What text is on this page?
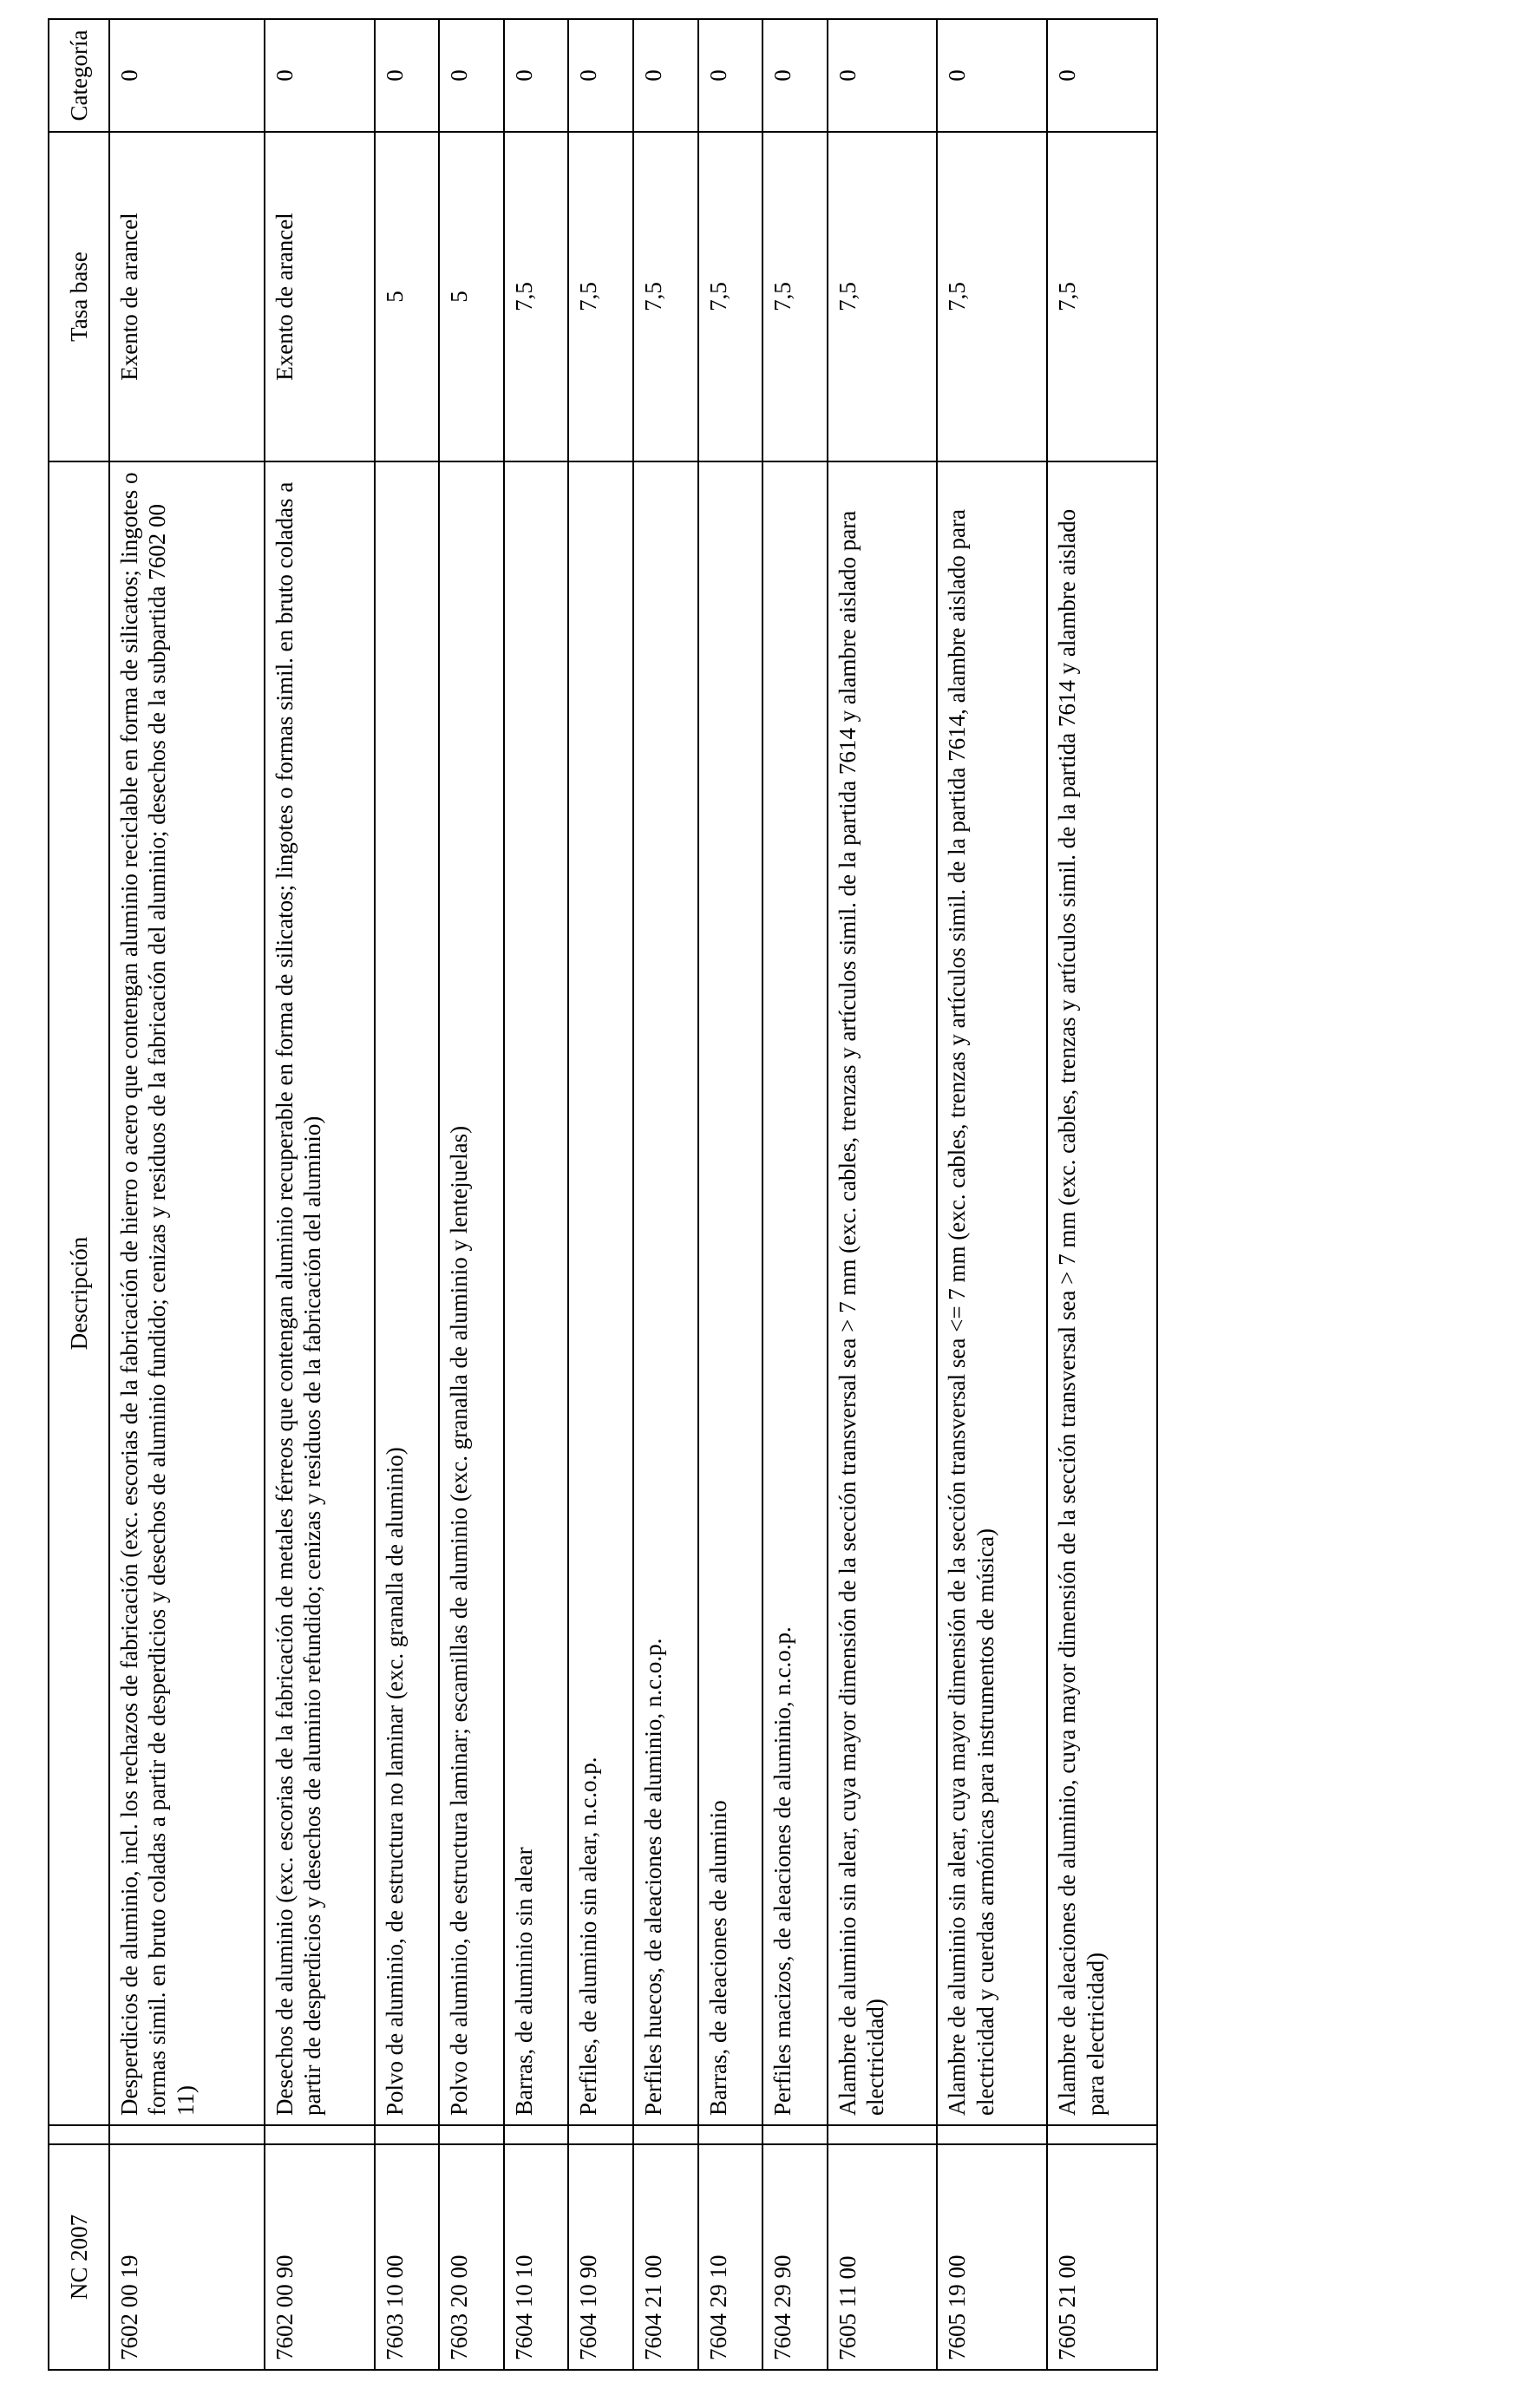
NC 2007		Descripción	Tasa base	Categoría
7602 00 19		Desperdicios de aluminio, incl. los rechazos de fabricación (exc. escorias de la fabricación de hierro o acero que contengan aluminio reciclable en forma de silicatos; lingotes o formas simil. en bruto coladas a partir de desperdicios y desechos de aluminio fundido; cenizas y residuos de la fabricación del aluminio; desechos de la subpartida 7602 00 11)	Exento de arancel	0
7602 00 90		Desechos de aluminio (exc. escorias de la fabricación de metales férreos que contengan aluminio recuperable en forma de silicatos; lingotes o formas simil. en bruto coladas a partir de desperdicios y desechos de aluminio refundido; cenizas y residuos de la fabricación del aluminio)	Exento de arancel	0
7603 10 00		Polvo de aluminio, de estructura no laminar (exc. granalla de aluminio)	5	0
7603 20 00		Polvo de aluminio, de estructura laminar; escamillas de aluminio (exc. granalla de aluminio y lentejuelas)	5	0
7604 10 10		Barras, de aluminio sin alear	7,5	0
7604 10 90		Perfiles, de aluminio sin alear, n.c.o.p.	7,5	0
7604 21 00		Perfiles huecos, de aleaciones de aluminio, n.c.o.p.	7,5	0
7604 29 10		Barras, de aleaciones de aluminio	7,5	0
7604 29 90		Perfiles macizos, de aleaciones de aluminio, n.c.o.p.	7,5	0
7605 11 00		Alambre de aluminio sin alear, cuya mayor dimensión de la sección transversal sea > 7 mm (exc. cables, trenzas y artículos simil. de la partida 7614 y alambre aislado para electricidad)	7,5	0
7605 19 00		Alambre de aluminio sin alear, cuya mayor dimensión de la sección transversal sea <= 7 mm (exc. cables, trenzas y artículos simil. de la partida 7614, alambre aislado para electricidad y cuerdas armónicas para instrumentos de música)	7,5	0
7605 21 00		Alambre de aleaciones de aluminio, cuya mayor dimensión de la sección transversal sea > 7 mm (exc. cables, trenzas y artículos simil. de la partida 7614 y alambre aislado para electricidad)	7,5	0
